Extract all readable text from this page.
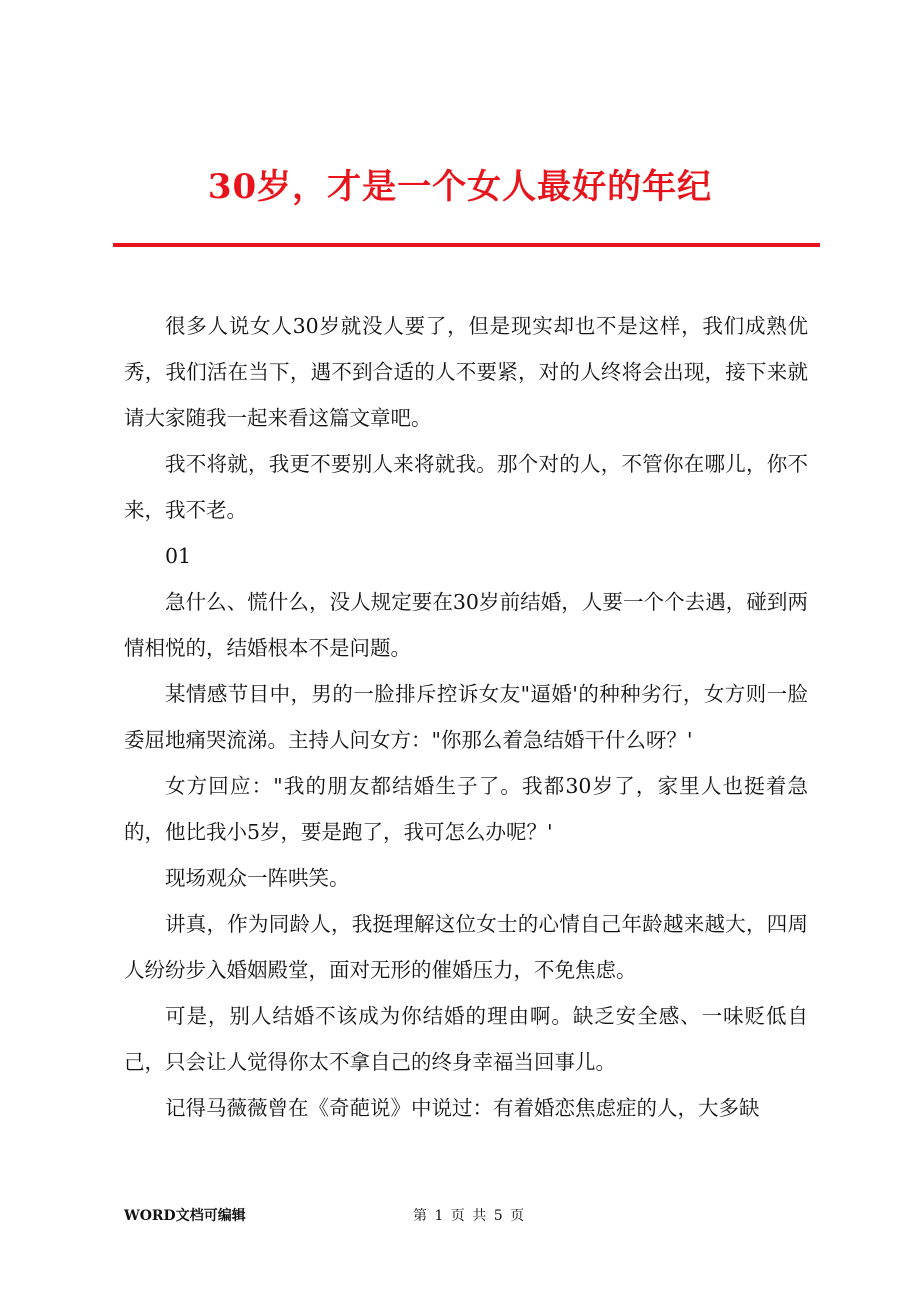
30岁，才是一个女人最好的年纪

很多人说女人30岁就没人要了，但是现实却也不是这样，我们成熟优秀，我们活在当下，遇不到合适的人不要紧，对的人终将会出现，接下来就请大家随我一起来看这篇文章吧。

我不将就，我更不要别人来将就我。那个对的人，不管你在哪儿，你不来，我不老。

01

急什么、慌什么，没人规定要在30岁前结婚，人要一个个去遇，碰到两情相悦的，结婚根本不是问题。

某情感节目中，男的一脸排斥控诉女友"逼婚'的种种劣行，女方则一脸委屈地痛哭流涕。主持人问女方："你那么着急结婚干什么呀？'

女方回应："我的朋友都结婚生子了。我都30岁了，家里人也挺着急的，他比我小5岁，要是跑了，我可怎么办呢？'

现场观众一阵哄笑。

讲真，作为同龄人，我挺理解这位女士的心情自己年龄越来越大，四周人纷纷步入婚姻殿堂，面对无形的催婚压力，不免焦虑。

可是，别人结婚不该成为你结婚的理由啊。缺乏安全感、一味贬低自己，只会让人觉得你太不拿自己的终身幸福当回事儿。

记得马薇薇曾在《奇葩说》中说过：有着婚恋焦虑症的人，大多缺

WORD文档可编辑	第 1 页 共 5 页
